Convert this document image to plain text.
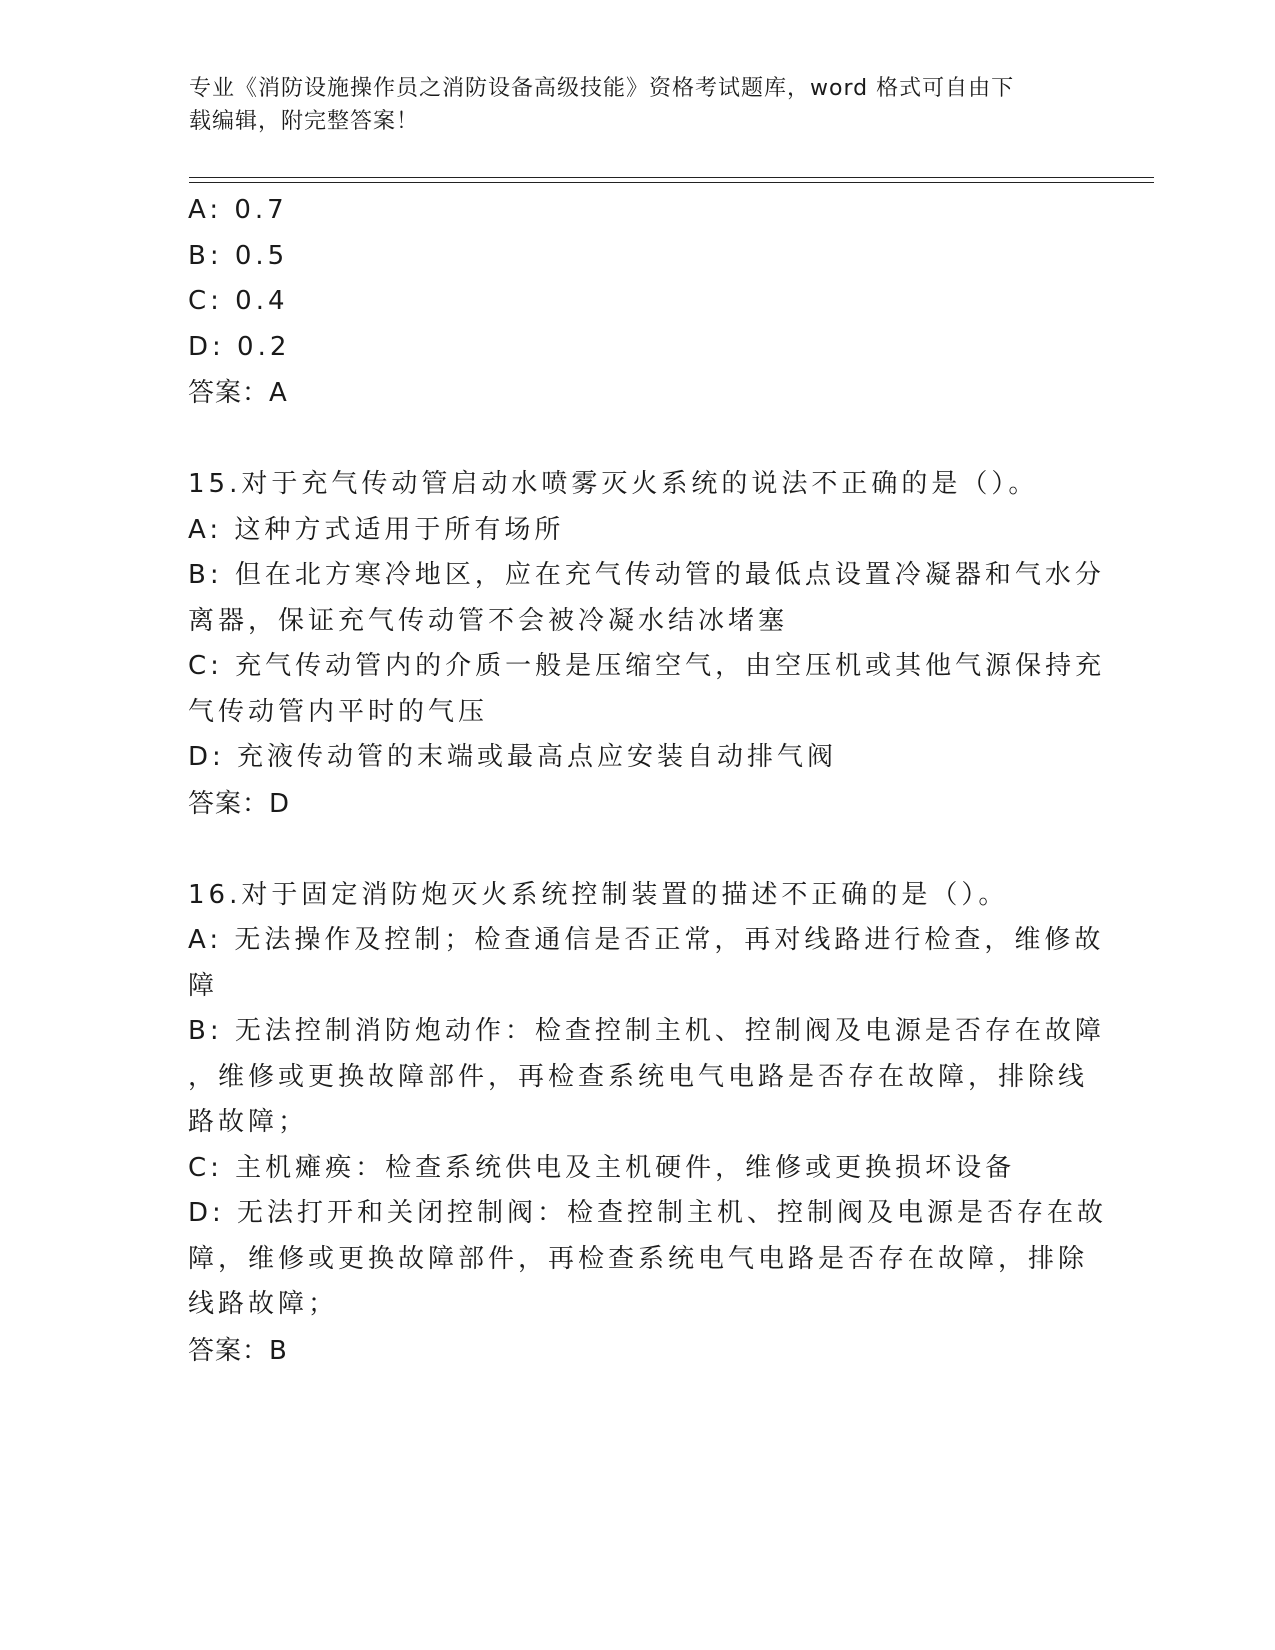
专业《消防设施操作员之消防设备高级技能》资格考试题库，word 格式可自由下
载编辑，附完整答案！
A: 0.7
B: 0.5
C: 0.4
D: 0.2
答案：A
15.对于充气传动管启动水喷雾灭火系统的说法不正确的是（）。
A: 这种方式适用于所有场所
B: 但在北方寒冷地区，应在充气传动管的最低点设置冷凝器和气水分
离器，保证充气传动管不会被冷凝水结冰堵塞
C: 充气传动管内的介质一般是压缩空气，由空压机或其他气源保持充
气传动管内平时的气压
D: 充液传动管的末端或最高点应安装自动排气阀
答案：D
16.对于固定消防炮灭火系统控制装置的描述不正确的是（）。
A: 无法操作及控制；检查通信是否正常，再对线路进行检查，维修故
障
B: 无法控制消防炮动作：检查控制主机、控制阀及电源是否存在故障
，维修或更换故障部件，再检查系统电气电路是否存在故障，排除线
路故障；
C: 主机瘫痪：检查系统供电及主机硬件，维修或更换损坏设备
D: 无法打开和关闭控制阀：检查控制主机、控制阀及电源是否存在故
障，维修或更换故障部件，再检查系统电气电路是否存在故障，排除
线路故障；
答案：B
